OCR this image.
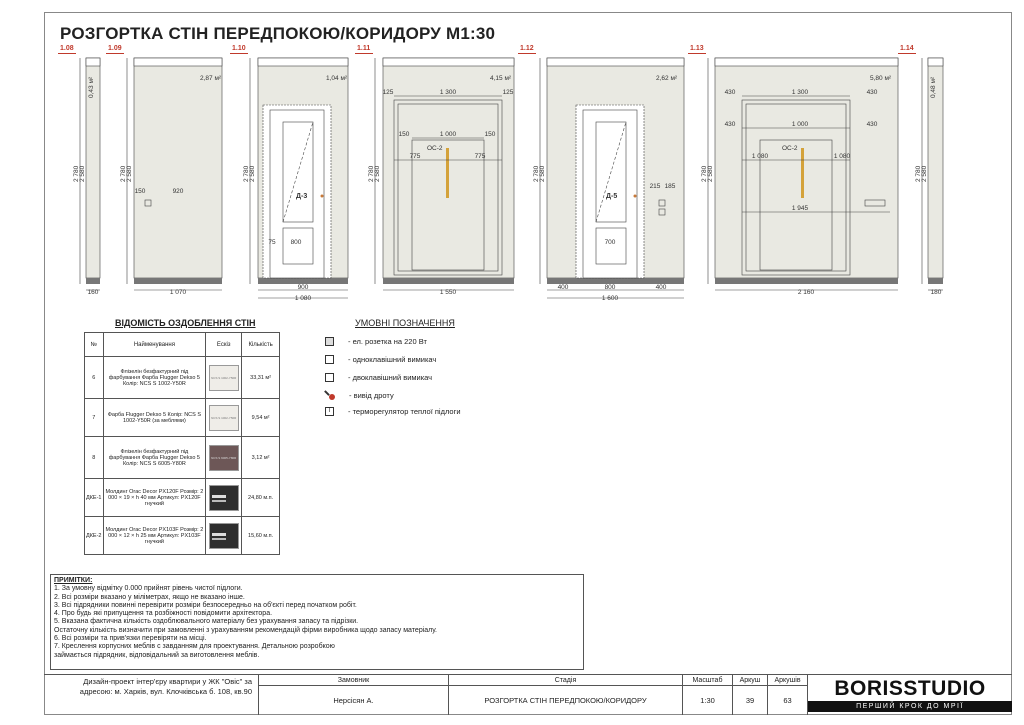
РОЗГОРТКА СТІН ПЕРЕДПОКОЮ/КОРИДОРУ М1:30
1.08	1.09	1.10	1.11	1.12	1.13	1.14
0,43 м²	2,87 м²	1,04 м²	4,15 м²	2,62 м²	5,80 м²	0,48 м²
Д-3	Д-5
ОС-2	ОС-2
2 780 2 580	2 780 2 580	2 780 2 580	2 780 2 580	2 780 2 580	2 780 2 580	2 780 2 580
160	1 070
920
150
900
1 080
800
75
1 550
1 300
125	125
1 000
150	150
775	775
800
1 600
400	400
700
215 185
2 160
430	1 300	430
430	1 000	430
1 080	1 080
1 945
180
ВІДОМІСТЬ ОЗДОБЛЕННЯ СТІН
№	Найменування	Ескіз	Кількість
6	Флізелін безфактурний під фарбування Фарба Flugger Dekso 5 Колір: NCS S 1002-Y50R	NCS S 1002-Y50R	33,31 м²
7	Фарба Flugger Dekso 5 Колір: NCS S 1002-Y50R (за меблями)	NCS S 1002-Y50R	9,54 м²
8	Флізелін безфактурний під фарбування Фарба Flugger Dekso 5 Колір: NCS S 6005-Y80R	NCS S 6005-Y80R	3,12 м²
ДКЕ-1	Молдинг Orac Decor PX120F Розмір: 2 000 × 19 × h 40 мм Артикул: PX120F гнучкий		24,80 м.п.
ДКЕ-2	Молдинг Orac Decor PX103F Розмір: 2 000 × 12 × h 25 мм Артикул: PX103F гнучкий		15,60 м.п.
УМОВНІ ПОЗНАЧЕННЯ
- ел. розетка на 220 Вт
- одноклавішний вимикач
- двоклавішний вимикач
- вивід дроту
T	- терморегулятор теплої підлоги
ПРИМІТКИ:
1. За умовну відмітку 0.000 прийнят рівень чистої підлоги.
2. Всі розміри вказано у міліметрах, якщо не вказано інше.
3. Всі підрядники повинні перевірити розміри безпосередньо на об'єкті перед початком робіт.
4. Про будь які припущення та розбіжності повідомити архітектора.
5. Вказана фактична кількість оздоблювального матеріалу без урахування запасу та підрізки.
Остаточну кількість визначити при замовленні з урахуванням рекомендацій фірми виробника щодо запасу матеріалу.
6. Всі розміри та прив'язки перевіряти на місці.
7. Креслення корпусних меблів с завданням для проектування. Детальною розробкою
займається підрядник, відповідальний за виготовлення меблів.
Дизайн-проект інтер'єру квартири у ЖК "Овіс" за адресою: м. Харків, вул. Клочківська б. 108, кв.90
Замовник
Нерсісян А.
Стадія
РОЗГОРТКА СТІН ПЕРЕДПОКОЮ/КОРИДОРУ
Масштаб
1:30
Аркуш
39
Аркушів
63
BORISSTUDIO
ПЕРШИЙ КРОК ДО МРІЇ
